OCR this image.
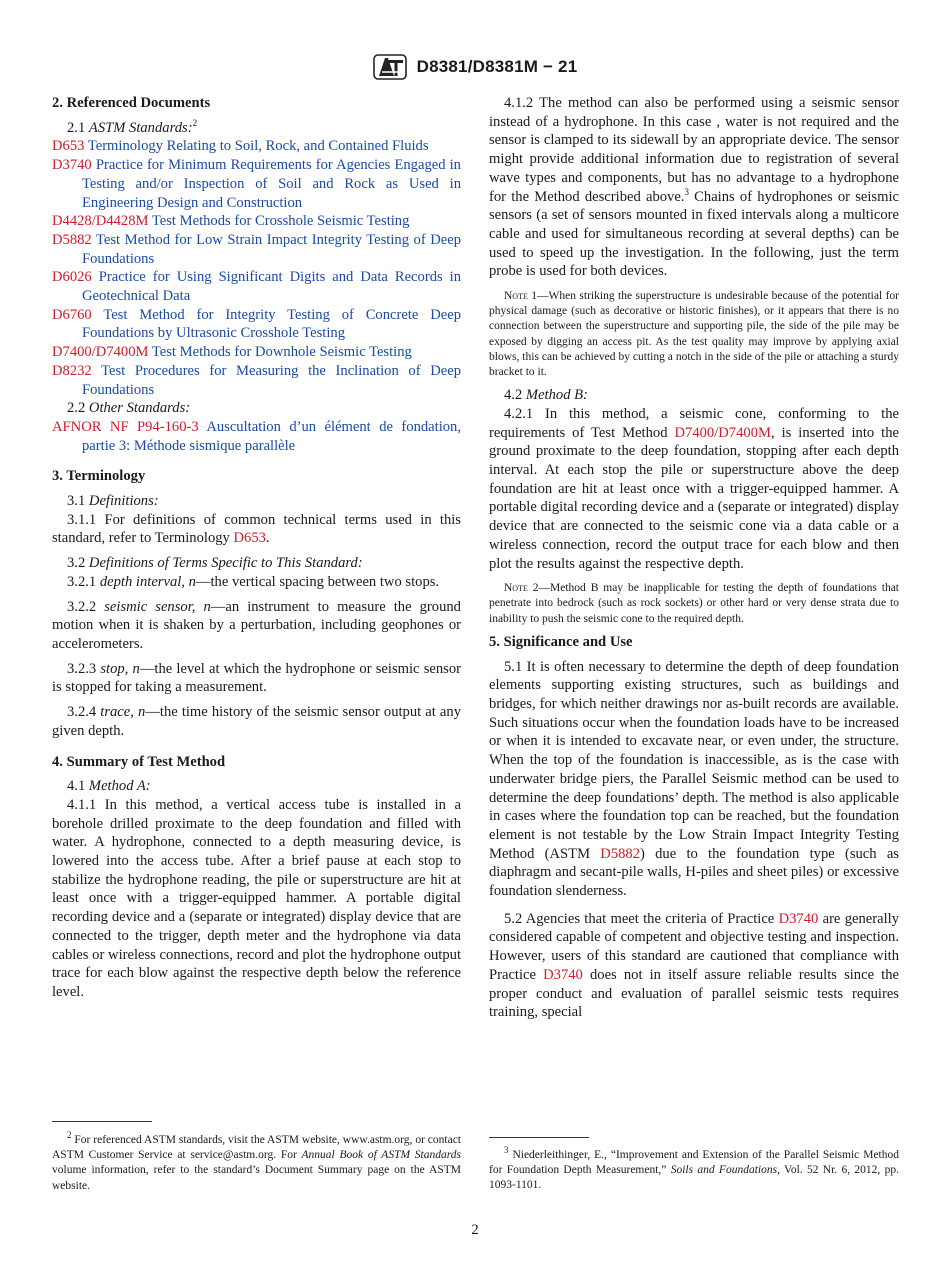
D8381/D8381M − 21
2. Referenced Documents
2.1 ASTM Standards:$^2$
D653 Terminology Relating to Soil, Rock, and Contained Fluids
D3740 Practice for Minimum Requirements for Agencies Engaged in Testing and/or Inspection of Soil and Rock as Used in Engineering Design and Construction
D4428/D4428M Test Methods for Crosshole Seismic Testing
D5882 Test Method for Low Strain Impact Integrity Testing of Deep Foundations
D6026 Practice for Using Significant Digits and Data Records in Geotechnical Data
D6760 Test Method for Integrity Testing of Concrete Deep Foundations by Ultrasonic Crosshole Testing
D7400/D7400M Test Methods for Downhole Seismic Testing
D8232 Test Procedures for Measuring the Inclination of Deep Foundations
2.2 Other Standards:
AFNOR NF P94-160-3 Auscultation d’un élément de fondation, partie 3: Méthode sismique parallèle
3. Terminology
3.1 Definitions:
3.1.1 For definitions of common technical terms used in this standard, refer to Terminology D653.
3.2 Definitions of Terms Specific to This Standard:
3.2.1 depth interval, n—the vertical spacing between two stops.
3.2.2 seismic sensor, n—an instrument to measure the ground motion when it is shaken by a perturbation, including geophones or accelerometers.
3.2.3 stop, n—the level at which the hydrophone or seismic sensor is stopped for taking a measurement.
3.2.4 trace, n—the time history of the seismic sensor output at any given depth.
4. Summary of Test Method
4.1 Method A:
4.1.1 In this method, a vertical access tube is installed in a borehole drilled proximate to the deep foundation and filled with water. A hydrophone, connected to a depth measuring device, is lowered into the access tube. After a brief pause at each stop to stabilize the hydrophone reading, the pile or superstructure are hit at least once with a trigger-equipped hammer. A portable digital recording device and a (separate or integrated) display device that are connected to the trigger, depth meter and the hydrophone via data cables or wireless connections, record and plot the hydrophone output trace for each blow against the respective depth below the reference level.
$^2$ For referenced ASTM standards, visit the ASTM website, www.astm.org, or contact ASTM Customer Service at service@astm.org. For Annual Book of ASTM Standards volume information, refer to the standard’s Document Summary page on the ASTM website.
4.1.2 The method can also be performed using a seismic sensor instead of a hydrophone. In this case , water is not required and the sensor is clamped to its sidewall by an appropriate device. The sensor might provide additional information due to registration of several wave types and components, but has no advantage to a hydrophone for the Method described above.$^3$ Chains of hydrophones or seismic sensors (a set of sensors mounted in fixed intervals along a multicore cable and used for simultaneous recording at several depths) can be used to speed up the investigation. In the following, just the term probe is used for both devices.
Note 1—When striking the superstructure is undesirable because of the potential for physical damage (such as decorative or historic finishes), or it appears that there is no connection between the superstructure and supporting pile, the side of the pile may be exposed by digging an access pit. As the test quality may improve by applying axial blows, this can be achieved by cutting a notch in the side of the pile or attaching a sturdy bracket to it.
4.2 Method B:
4.2.1 In this method, a seismic cone, conforming to the requirements of Test Method D7400/D7400M, is inserted into the ground proximate to the deep foundation, stopping after each depth interval. At each stop the pile or superstructure above the deep foundation are hit at least once with a trigger-equipped hammer. A portable digital recording device and a (separate or integrated) display device that are connected to the seismic cone via a data cable or a wireless connection, record the output trace for each blow and then plot the results against the respective depth.
Note 2—Method B may be inapplicable for testing the depth of foundations that penetrate into bedrock (such as rock sockets) or other hard or very dense strata due to inability to push the seismic cone to the required depth.
5. Significance and Use
5.1 It is often necessary to determine the depth of deep foundation elements supporting existing structures, such as buildings and bridges, for which neither drawings nor as-built records are available. Such situations occur when the foundation loads have to be increased or when it is intended to excavate near, or even under, the structure. When the top of the foundation is inaccessible, as is the case with underwater bridge piers, the Parallel Seismic method can be used to determine the deep foundations’ depth. The method is also applicable in cases where the foundation top can be reached, but the foundation element is not testable by the Low Strain Impact Integrity Testing Method (ASTM D5882) due to the foundation type (such as diaphragm and secant-pile walls, H-piles and sheet piles) or excessive foundation slenderness.
5.2 Agencies that meet the criteria of Practice D3740 are generally considered capable of competent and objective testing and inspection. However, users of this standard are cautioned that compliance with Practice D3740 does not in itself assure reliable results since the proper conduct and evaluation of parallel seismic tests requires training, special
$^3$ Niederleithinger, E., “Improvement and Extension of the Parallel Seismic Method for Foundation Depth Measurement,” Soils and Foundations, Vol. 52 Nr. 6, 2012, pp. 1093-1101.
2
